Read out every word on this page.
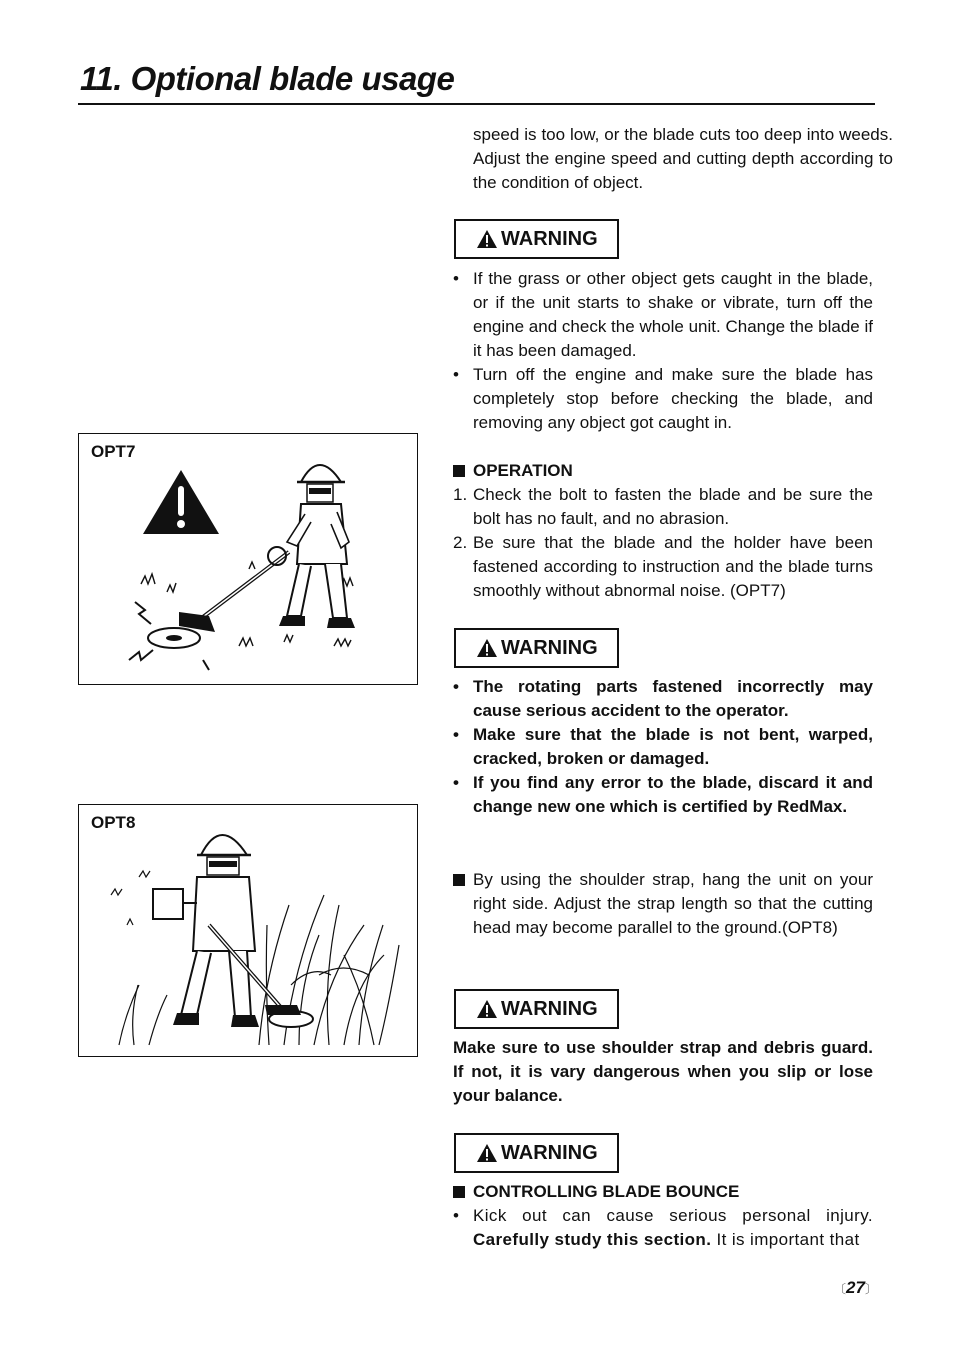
11. Optional blade usage
speed is too low, or the blade cuts too deep into weeds. Adjust the engine speed and cutting depth according to the condition of object.
WARNING
• If the grass or other object gets caught in the blade, or if the unit starts to shake or vibrate, turn off the engine and check the whole unit. Change the blade if it has been damaged.
• Turn off the engine and make sure the blade has completely stop before checking the blade, and removing any object got caught in.
OPERATION
1. Check the bolt to fasten the blade and be sure the bolt has no fault, and no abrasion.
2. Be sure that the blade and the holder have been fastened according to instruction and the blade turns smoothly without abnormal noise. (OPT7)
WARNING
• The rotating parts fastened incorrectly may cause serious accident to the operator.
• Make sure that the blade is not bent, warped, cracked, broken or damaged.
• If you find any error to the blade, discard it and change new one which is certified by RedMax.
By using the shoulder strap, hang the unit on your right side. Adjust the strap length so that the cutting head may become parallel to the ground.(OPT8)
WARNING
Make sure to use shoulder strap and debris guard. If not, it is vary dangerous when you slip or lose your balance.
WARNING
CONTROLLING BLADE BOUNCE
• Kick out can cause serious personal injury. Carefully study this section. It is important that
OPT7
OPT8
〔27〕
